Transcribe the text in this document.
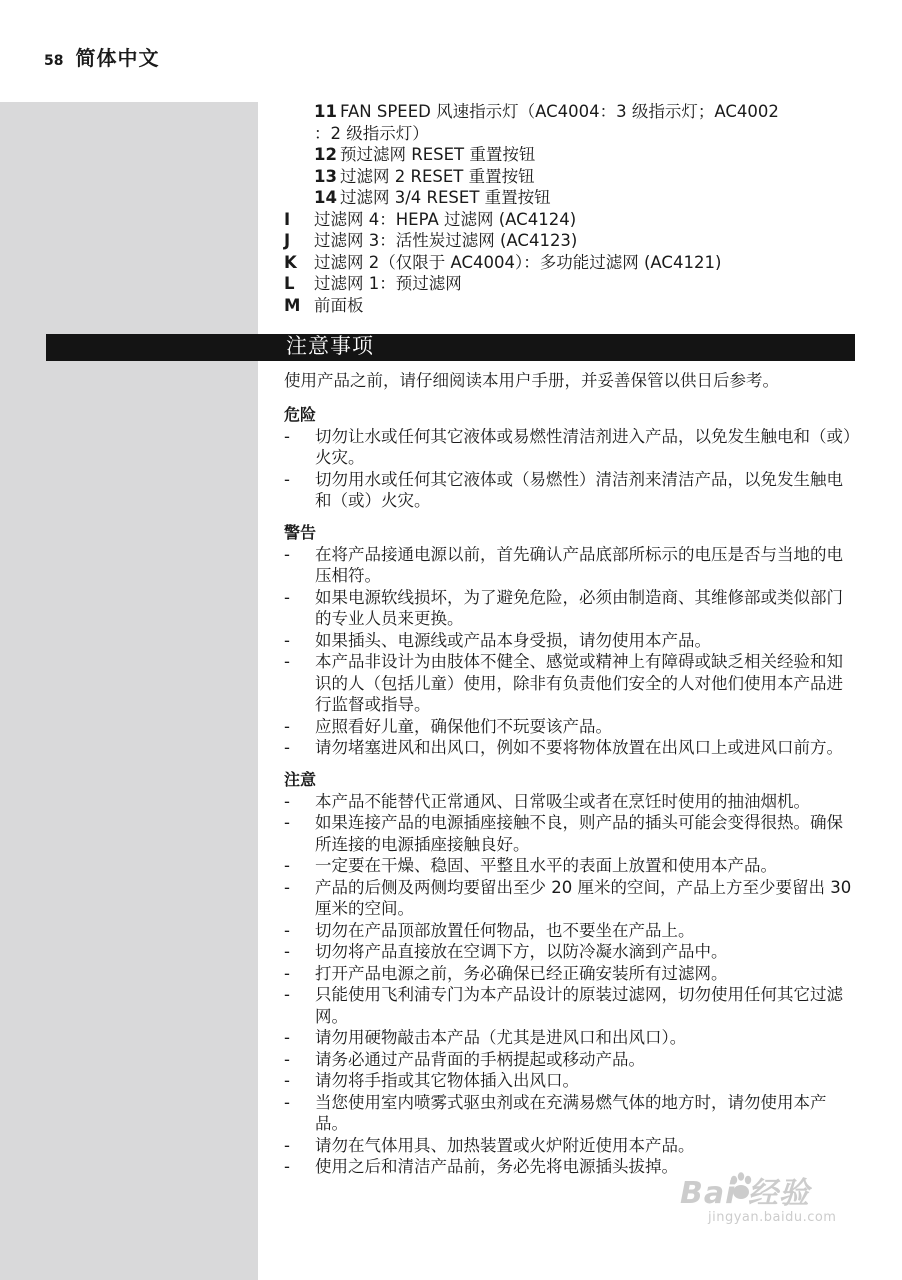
58 简体中文
11 FAN SPEED 风速指示灯（AC4004：3 级指示灯；AC4002
：2 级指示灯）
12 预过滤网 RESET 重置按钮
13 过滤网 2 RESET 重置按钮
14 过滤网 3/4 RESET 重置按钮
I	过滤网 4：HEPA 过滤网 (AC4124)
J	过滤网 3：活性炭过滤网 (AC4123)
K	过滤网 2（仅限于 AC4004）：多功能过滤网 (AC4121)
L	过滤网 1：预过滤网
M 前面板
注意事项

使用产品之前，请仔细阅读本用户手册，并妥善保管以供日后参考。

危险

-	切勿让水或任何其它液体或易燃性清洁剂进入产品，以免发生触电和（或）火灾。
-	切勿用水或任何其它液体或（易燃性）清洁剂来清洁产品，以免发生触电和（或）火灾。

警告

-	在将产品接通电源以前，首先确认产品底部所标示的电压是否与当地的电压相符。
-	如果电源软线损坏，为了避免危险，必须由制造商、其维修部或类似部门的专业人员来更换。
-	如果插头、电源线或产品本身受损，请勿使用本产品。
-	本产品非设计为由肢体不健全、感觉或精神上有障碍或缺乏相关经验和知识的人（包括儿童）使用，除非有负责他们安全的人对他们使用本产品进行监督或指导。
-	应照看好儿童，确保他们不玩耍该产品。
-	请勿堵塞进风和出风口，例如不要将物体放置在出风口上或进风口前方。

注意

-	本产品不能替代正常通风、日常吸尘或者在烹饪时使用的抽油烟机。
-	如果连接产品的电源插座接触不良，则产品的插头可能会变得很热。确保所连接的电源插座接触良好。
-	一定要在干燥、稳固、平整且水平的表面上放置和使用本产品。
-	产品的后侧及两侧均要留出至少 20 厘米的空间，产品上方至少要留出 30 厘米的空间。
-	切勿在产品顶部放置任何物品，也不要坐在产品上。
-	切勿将产品直接放在空调下方，以防冷凝水滴到产品中。
-	打开产品电源之前，务必确保已经正确安装所有过滤网。
-	只能使用飞利浦专门为本产品设计的原装过滤网，切勿使用任何其它过滤网。
-	请勿用硬物敲击本产品（尤其是进风口和出风口）。
-	请务必通过产品背面的手柄提起或移动产品。
-	请勿将手指或其它物体插入出风口。
-	当您使用室内喷雾式驱虫剂或在充满易燃气体的地方时，请勿使用本产品。
-	请勿在气体用具、加热装置或火炉附近使用本产品。
-	使用之后和清洁产品前，务必先将电源插头拔掉。
Bai 经验
jingyan.baidu.com
